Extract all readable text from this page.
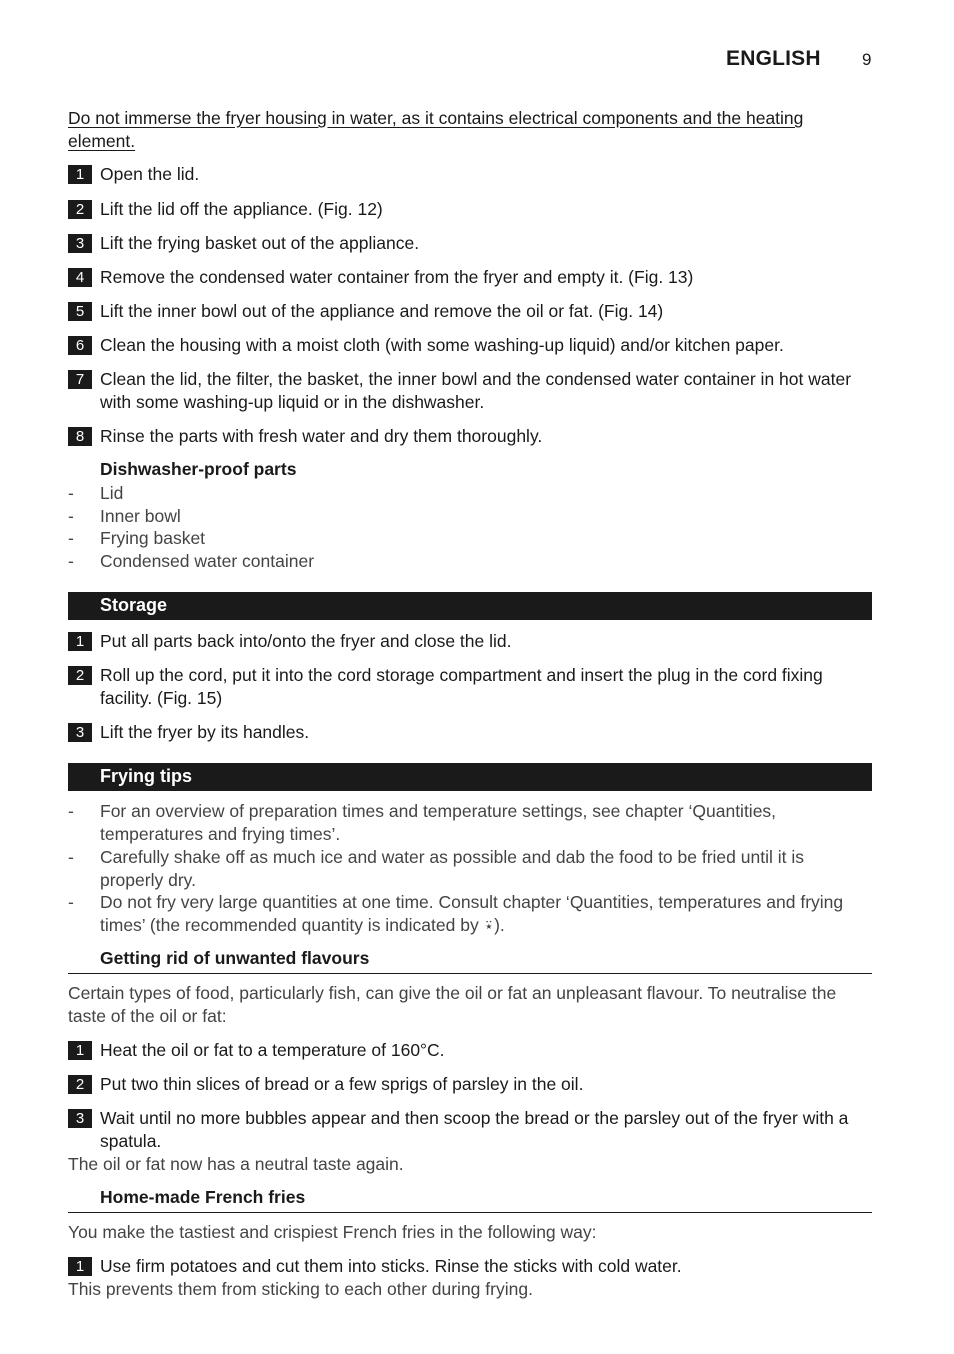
ENGLISH 9
Do not immerse the fryer housing in water, as it contains electrical components and the heating element.
1 Open the lid.
2 Lift the lid off the appliance. (Fig. 12)
3 Lift the frying basket out of the appliance.
4 Remove the condensed water container from the fryer and empty it. (Fig. 13)
5 Lift the inner bowl out of the appliance and remove the oil or fat. (Fig. 14)
6 Clean the housing with a moist cloth (with some washing-up liquid) and/or kitchen paper.
7 Clean the lid, the filter, the basket, the inner bowl and the condensed water container in hot water with some washing-up liquid or in the dishwasher.
8 Rinse the parts with fresh water and dry them thoroughly.
Dishwasher-proof parts
- Lid
- Inner bowl
- Frying basket
- Condensed water container
Storage
1 Put all parts back into/onto the fryer and close the lid.
2 Roll up the cord, put it into the cord storage compartment and insert the plug in the cord fixing facility. (Fig. 15)
3 Lift the fryer by its handles.
Frying tips
- For an overview of preparation times and temperature settings, see chapter ‘Quantities, temperatures and frying times’.
- Carefully shake off as much ice and water as possible and dab the food to be fried until it is properly dry.
- Do not fry very large quantities at one time. Consult chapter ‘Quantities, temperatures and frying times’ (the recommended quantity is indicated by ⍣).
Getting rid of unwanted flavours
Certain types of food, particularly fish, can give the oil or fat an unpleasant flavour. To neutralise the taste of the oil or fat:
1 Heat the oil or fat to a temperature of 160°C.
2 Put two thin slices of bread or a few sprigs of parsley in the oil.
3 Wait until no more bubbles appear and then scoop the bread or the parsley out of the fryer with a spatula.
The oil or fat now has a neutral taste again.
Home-made French fries
You make the tastiest and crispiest French fries in the following way:
1 Use firm potatoes and cut them into sticks. Rinse the sticks with cold water.
This prevents them from sticking to each other during frying.
